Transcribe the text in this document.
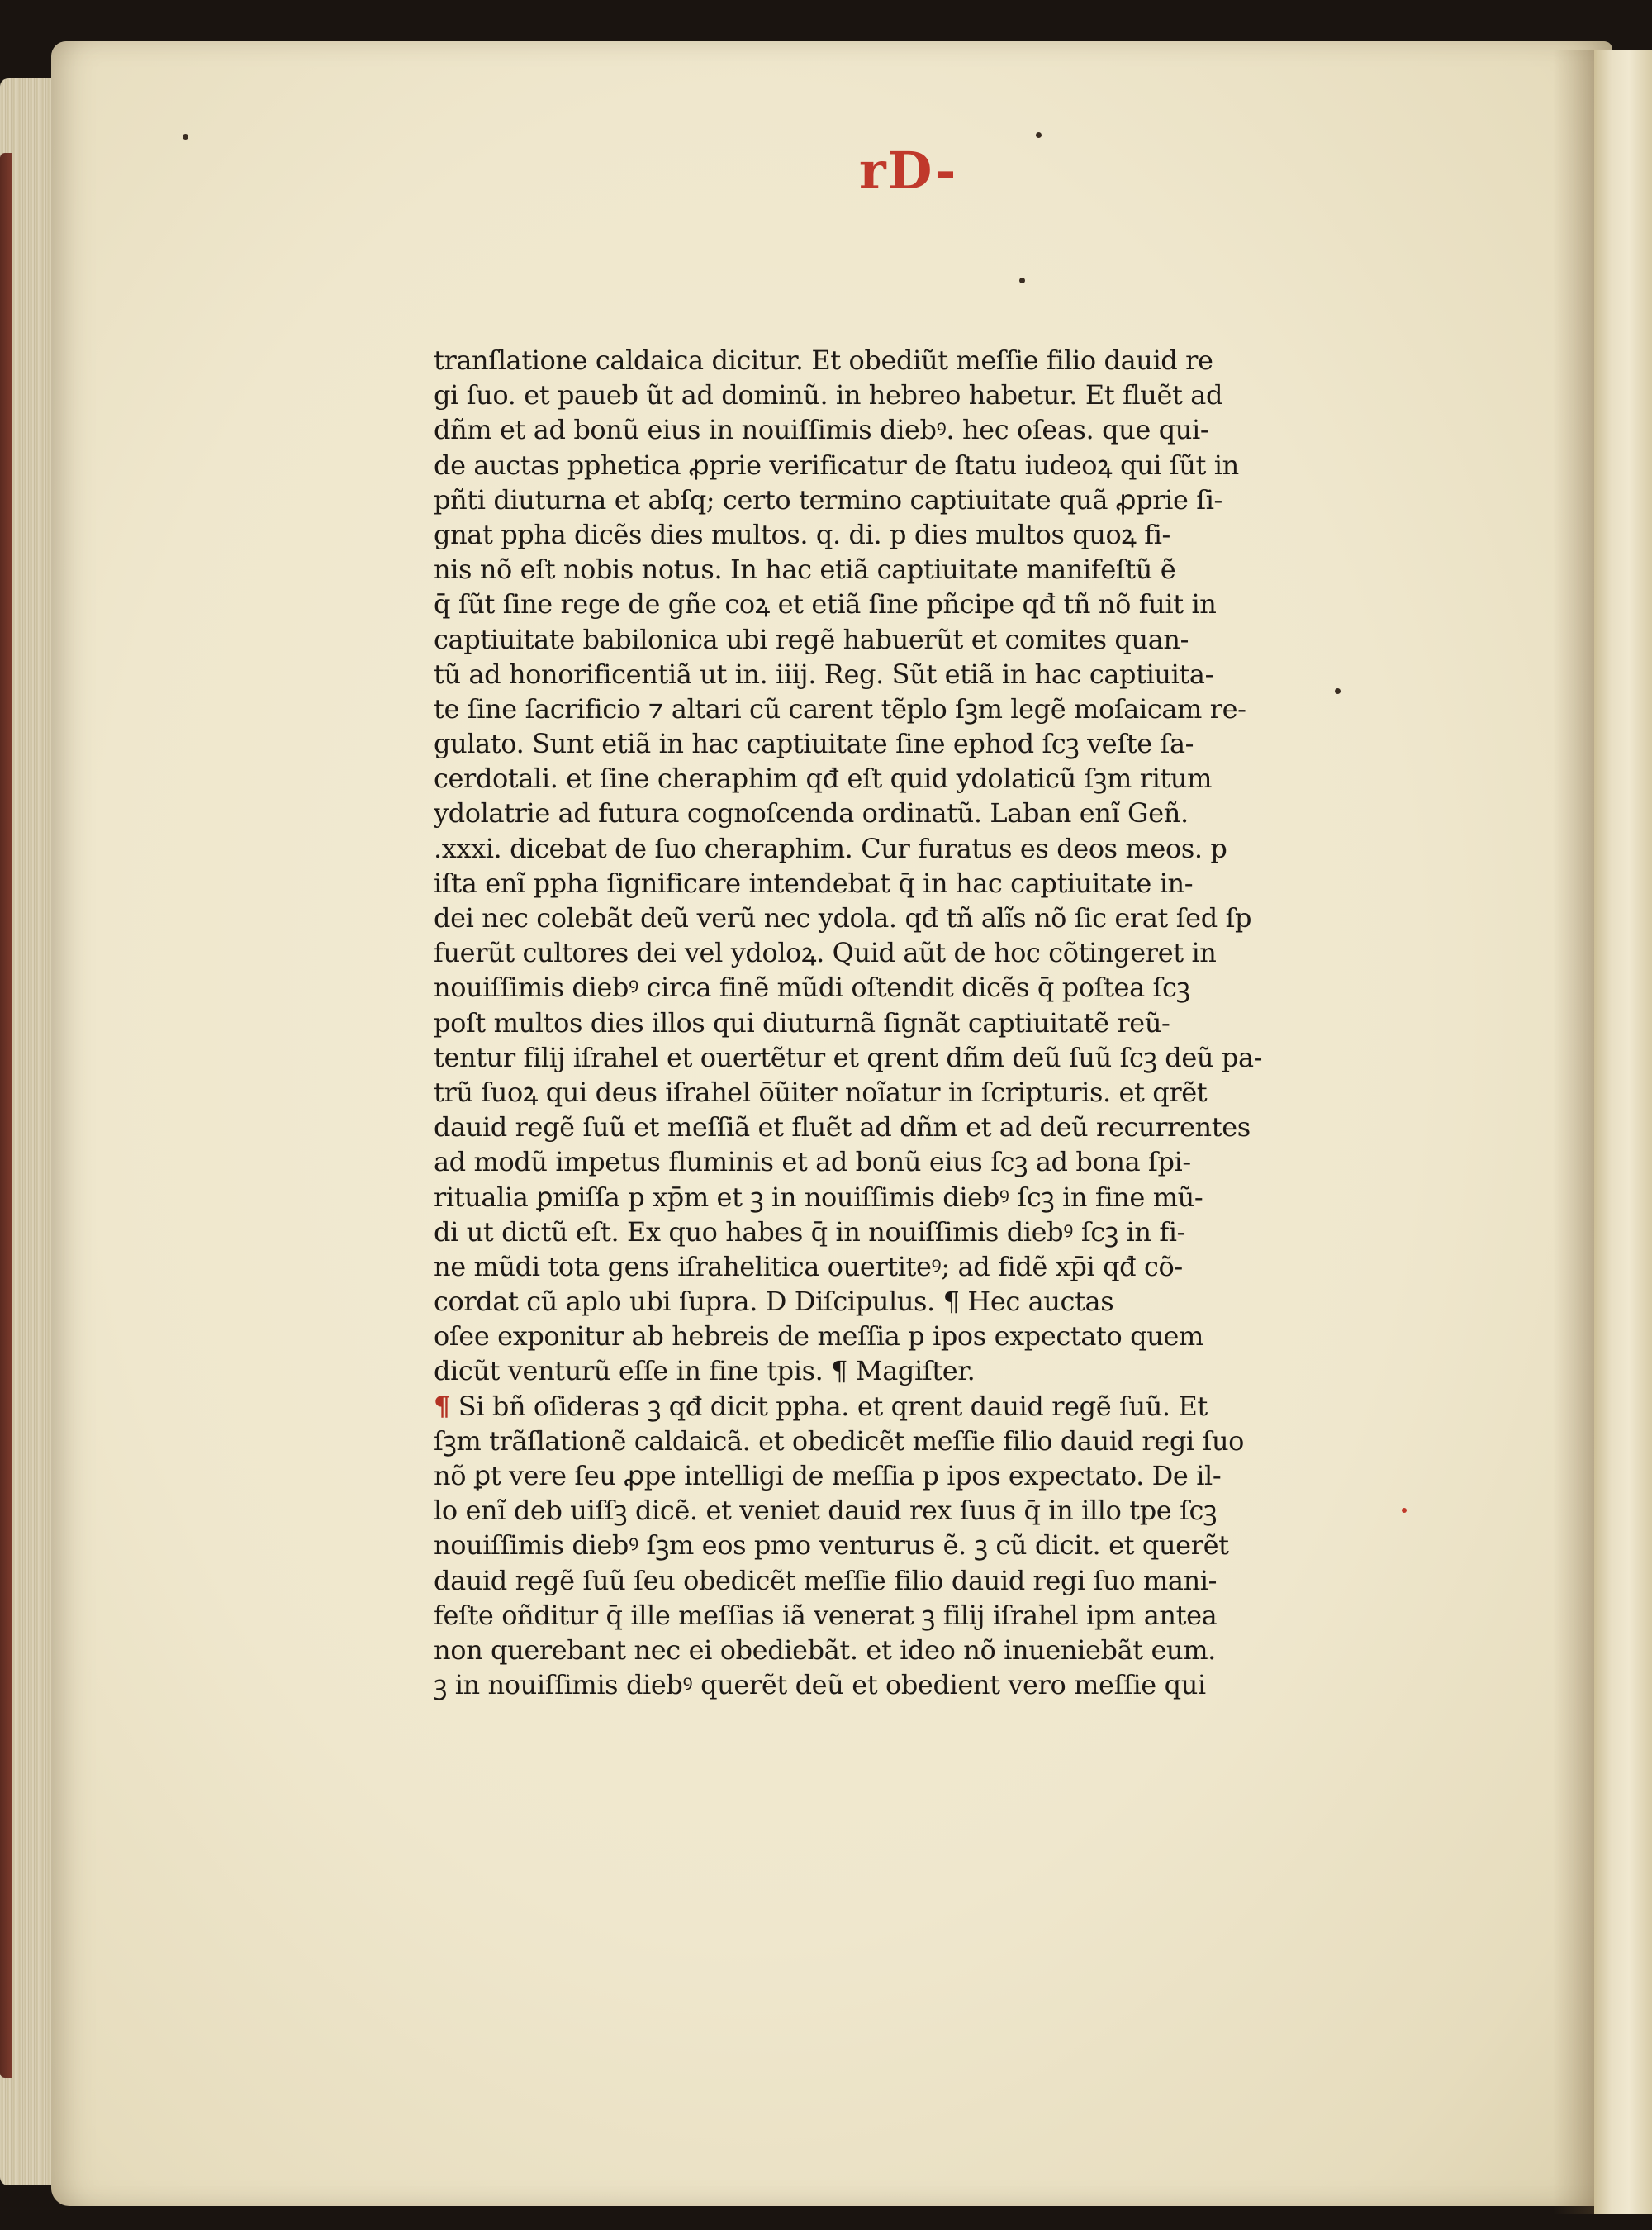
rD-
tranſlatione caldaica dicitur. Et obediũt meſſie filio dauid re
gi ſuo. et paueb ũt ad dominũ. in hebreo habetur. Et fluẽt ad
dñm et ad bonũ eius in nouiſſimis diebꝰ. hec oſeas. que qui-
de auctas pphetica ꝓprie verificatur de ſtatu iudeoꝝ qui ſũt in
pñti diuturna et abſq; certo termino captiuitate quã ꝓprie ſi-
gnat ppha dicẽs dies multos. q. di. p dies multos quoꝝ fi-
nis nõ eſt nobis notus. In hac etiã captiuitate manifeſtũ ẽ
q̄ ſũt ſine rege de gñe coꝝ et etiã ſine pñcipe qđ tñ nõ fuit in
captiuitate babilonica ubi regẽ habuerũt et comites quan-
tũ ad honorificentiã ut in. iiij. Reg. Sũt etiã in hac captiuita-
te ſine ſacrificio ⁊ altari cũ carent tẽplo ſꝫm legẽ moſaicam re-
gulato. Sunt etiã in hac captiuitate ſine ephod ſcꝫ veſte ſa-
cerdotali. et ſine cheraphim qđ eſt quid ydolaticũ ſꝫm ritum
ydolatrie ad futura cognoſcenda ordinatũ. Laban enĩ Geñ.
.xxxi. dicebat de ſuo cheraphim. Cur furatus es deos meos. p
iſta enĩ ppha ſignificare intendebat q̄ in hac captiuitate in-
dei nec colebãt deũ verũ nec ydola. qđ tñ alĩs nõ ſic erat ſed ſp
fuerũt cultores dei vel ydoloꝝ. Quid aũt de hoc cõtingeret in
nouiſſimis diebꝰ circa finẽ mũdi oſtendit dicẽs q̄ poſtea ſcꝫ
poſt multos dies illos qui diuturnã ſignãt captiuitatẽ reũ-
tentur filij iſrahel et ouertẽtur et qrent dñm deũ ſuũ ſcꝫ deũ pa-
trũ ſuoꝝ qui deus iſrahel ōũiter noĩatur in ſcripturis. et qrẽt
dauid regẽ ſuũ et meſſiã et fluẽt ad dñm et ad deũ recurrentes
ad modũ impetus fluminis et ad bonũ eius ſcꝫ ad bona ſpi-
ritualia ꝑmiſſa p xp̄m et ꝫ in nouiſſimis diebꝰ ſcꝫ in fine mũ-
di ut dictũ eſt. Ex quo habes q̄ in nouiſſimis diebꝰ ſcꝫ in fi-
ne mũdi tota gens iſrahelitica ouertiteꝰ; ad fidẽ xp̄i qđ cõ-
cordat cũ aplo ubi ſupra. D Diſcipulus. ¶ Hec auctas
oſee exponitur ab hebreis de meſſia p ipos expectato quem
dicũt venturũ eſſe in fine tpis. ¶ Magiſter.
¶ Si bñ oſideras ꝫ qđ dicit ppha. et qrent dauid regẽ ſuũ. Et
ſꝫm trãſlationẽ caldaicã. et obedicẽt meſſie filio dauid regi ſuo
nõ ꝑt vere ſeu ꝓpe intelligi de meſſia p ipos expectato. De il-
lo enĩ deb uiſſꝫ dicẽ. et veniet dauid rex ſuus q̄ in illo tpe ſcꝫ
nouiſſimis diebꝰ ſꝫm eos pmo venturus ẽ. ꝫ cũ dicit. et querẽt
dauid regẽ ſuũ ſeu obedicẽt meſſie filio dauid regi ſuo mani-
feſte oñditur q̄ ille meſſias iã venerat ꝫ filij iſrahel ipm antea
non querebant nec ei obediebãt. et ideo nõ inueniebãt eum.
ꝫ in nouiſſimis diebꝰ querẽt deũ et obedient vero meſſie qui
